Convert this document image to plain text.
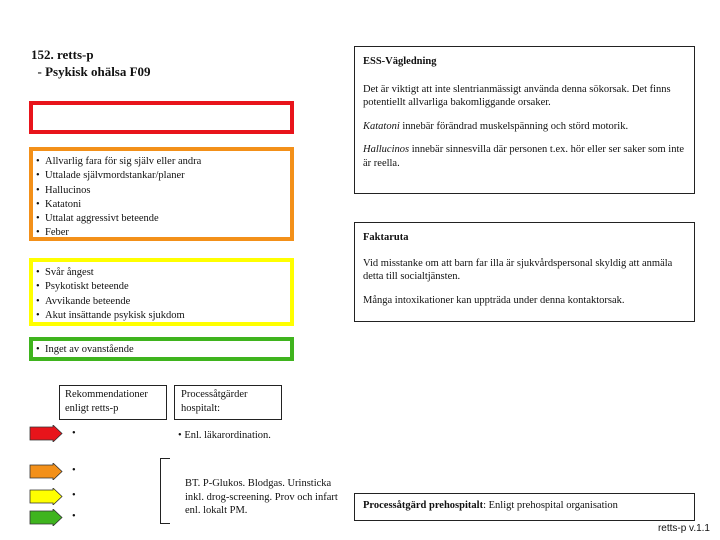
152. retts-p
- Psykisk ohälsa F09
• Allvarlig fara för sig själv eller andra
• Uttalade självmordstankar/planer
• Hallucinos
• Katatoni
• Uttalat aggressivt beteende
• Feber
• Svår ångest
• Psykotiskt beteende
• Avvikande beteende
• Akut insättande psykisk sjukdom
• Inget av ovanstående
ESS-Vägledning

Det är viktigt att inte slentrianmässigt använda denna sökorsak. Det finns potentiellt allvarliga bakomliggande orsaker.

Katatoni innebär förändrad muskelspänning och störd motorik.

Hallucinos innebär sinnesvilla där personen t.ex. hör eller ser saker som inte är reella.

Faktaruta

Vid misstanke om att barn far illa är sjukvårdspersonal skyldig att anmäla detta till socialtjänsten.

Många intoxikationer kan uppträda under denna kontaktorsak.

Rekommendationer enligt retts-p
Processåtgärder hospitalt:
•
•
•
•
• Enl. läkarordination.
BT. P-Glukos. Blodgas. Urinsticka inkl. drog-screening. Prov och infart enl. lokalt PM.	Processåtgärd prehospitalt: Enligt prehospital organisation
retts-p v.1.1
